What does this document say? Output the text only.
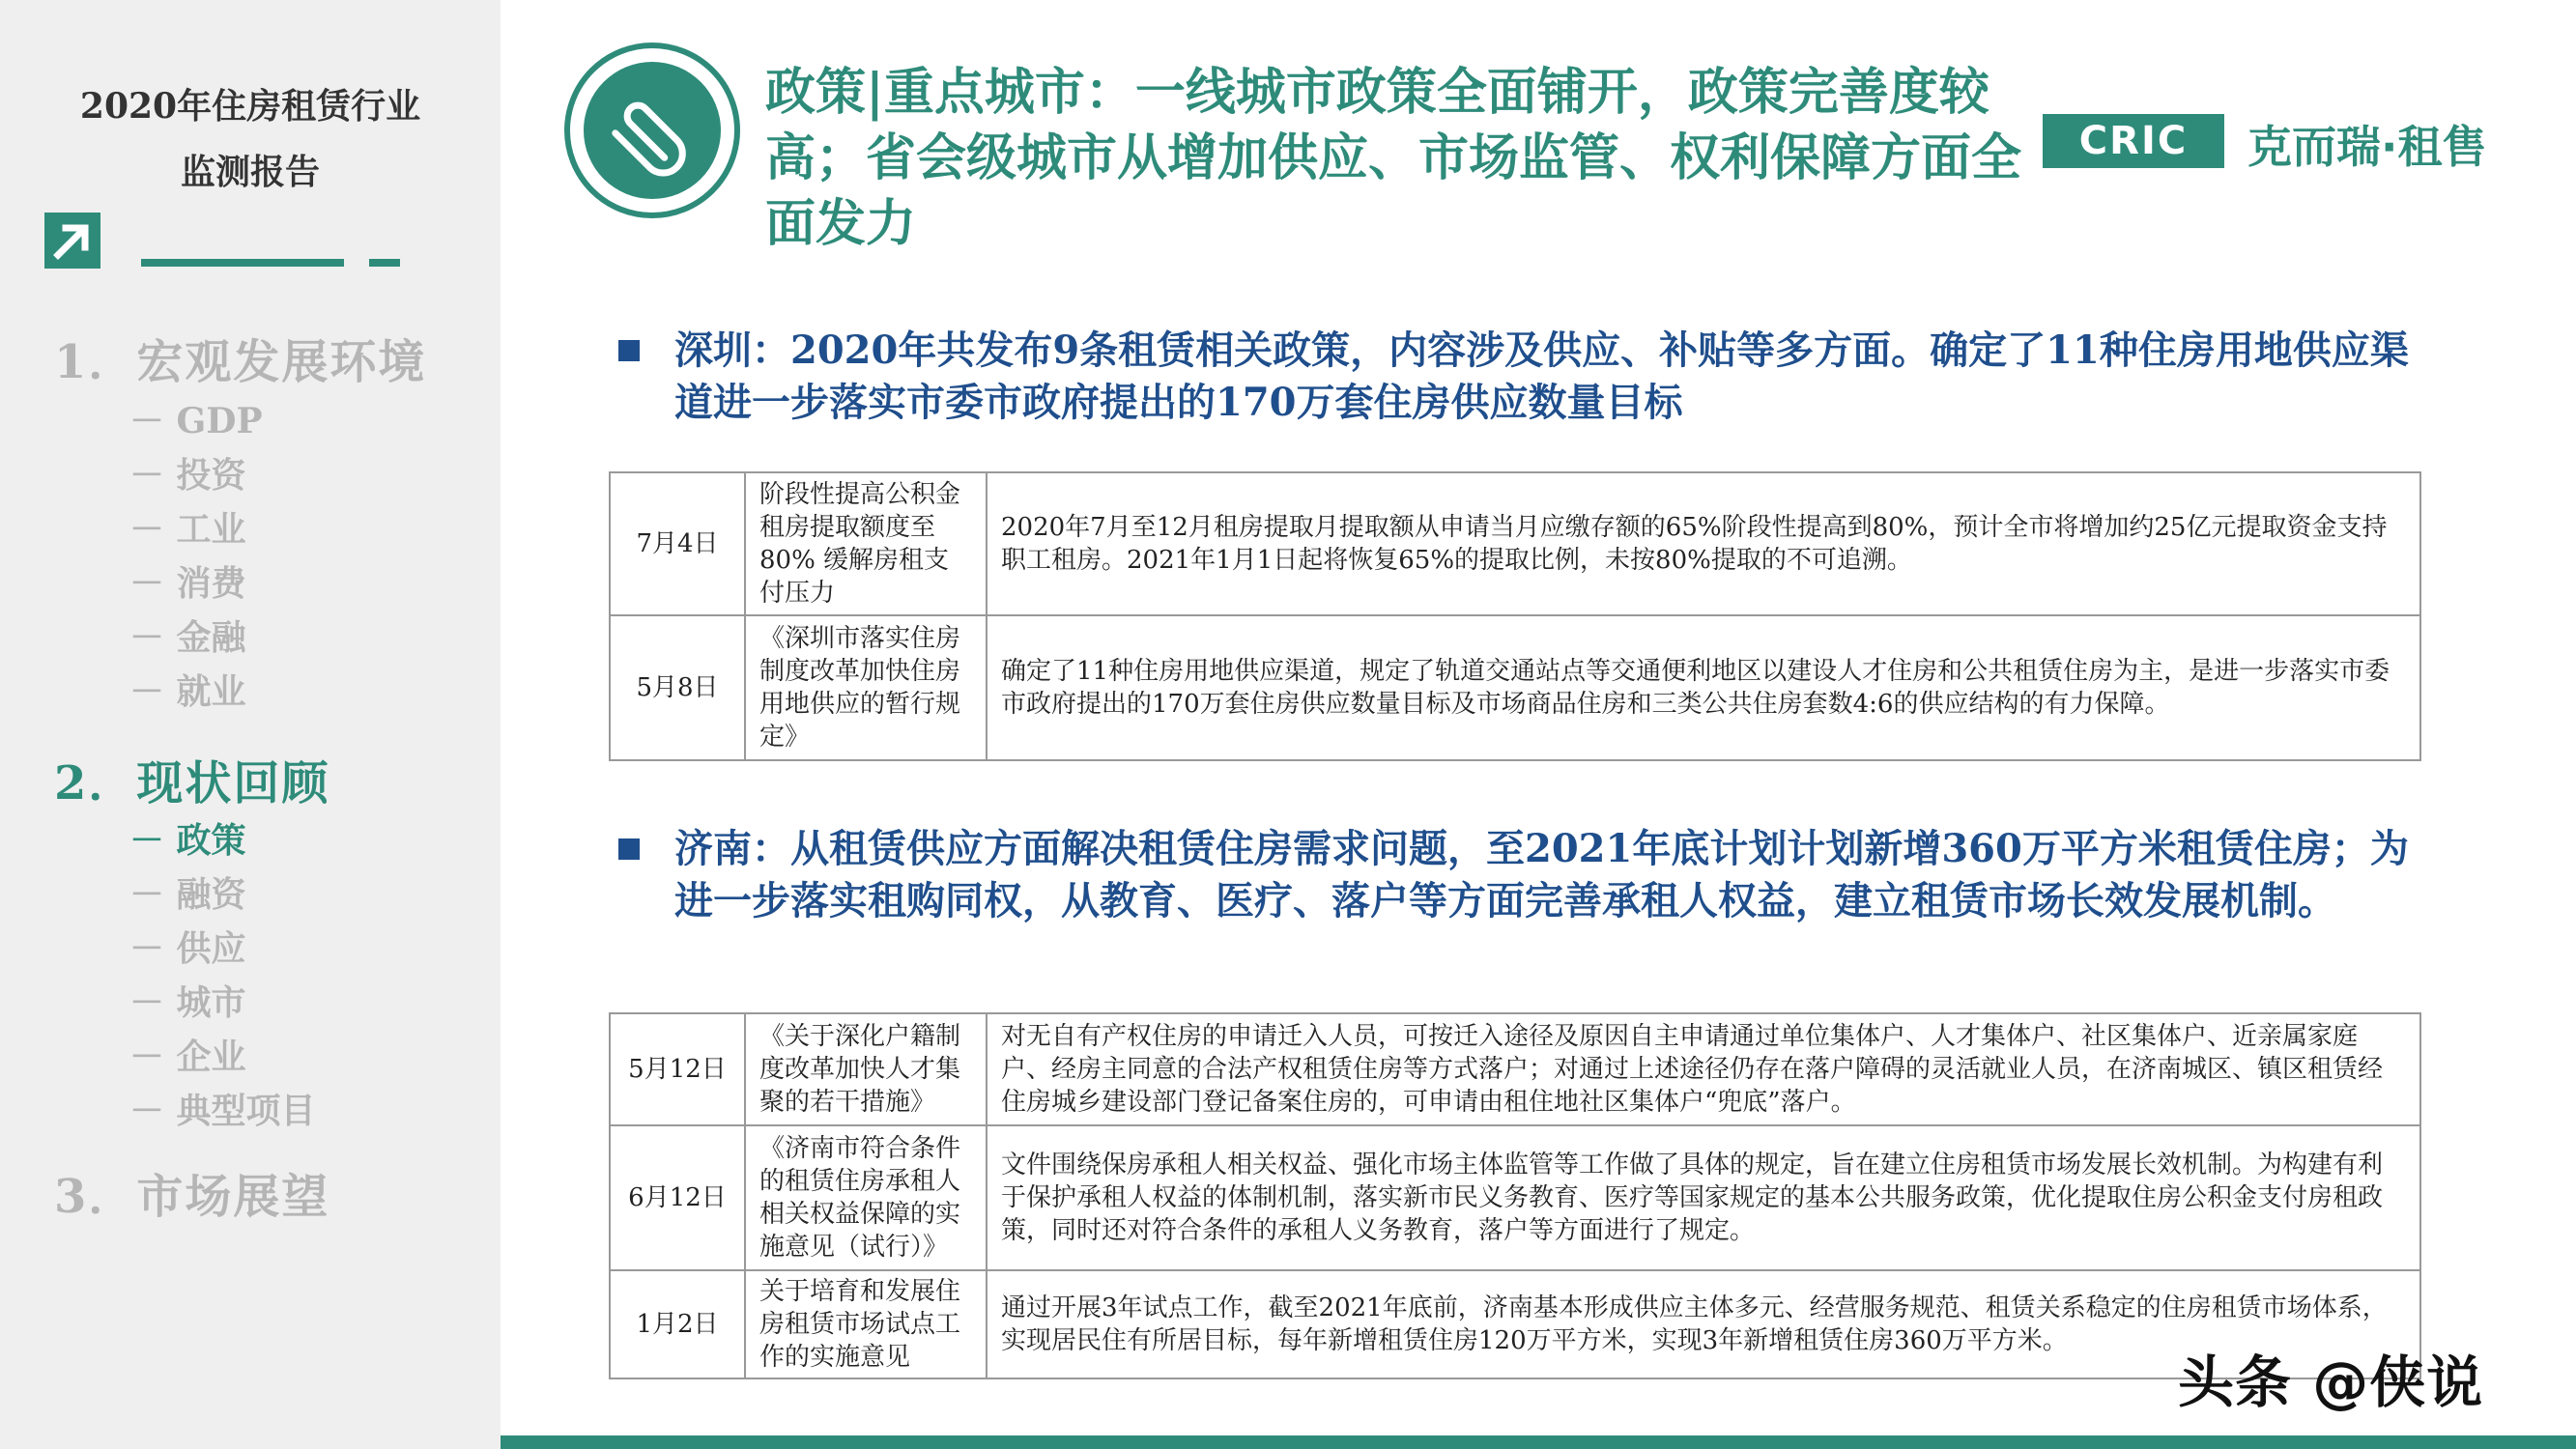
2020年住房租赁行业
监测报告
1．宏观发展环境
－ GDP
－ 投资
－ 工业
－ 消费
－ 金融
－ 就业
2．现状回顾
－ 政策
－ 融资
－ 供应
－ 城市
－ 企业
－ 典型项目
3．市场展望
政策|重点城市：一线城市政策全面铺开，政策完善度较高；省会级城市从增加供应、市场监管、权利保障方面全面发力
CRIC	克而瑞·租售
深圳：2020年共发布9条租赁相关政策，内容涉及供应、补贴等多方面。确定了11种住房用地供应渠道进一步落实市委市政府提出的170万套住房供应数量目标
7月4日	阶段性提高公积金租房提取额度至80% 缓解房租支付压力	2020年7月至12月租房提取月提取额从申请当月应缴存额的65%阶段性提高到80%，预计全市将增加约25亿元提取资金支持职工租房。2021年1月1日起将恢复65%的提取比例，未按80%提取的不可追溯。
5月8日	《深圳市落实住房制度改革加快住房用地供应的暂行规定》	确定了11种住房用地供应渠道，规定了轨道交通站点等交通便利地区以建设人才住房和公共租赁住房为主，是进一步落实市委市政府提出的170万套住房供应数量目标及市场商品住房和三类公共住房套数4:6的供应结构的有力保障。
济南：从租赁供应方面解决租赁住房需求问题，至2021年底计划计划新增360万平方米租赁住房；为进一步落实租购同权，从教育、医疗、落户等方面完善承租人权益，建立租赁市场长效发展机制。
5月12日	《关于深化户籍制度改革加快人才集聚的若干措施》	对无自有产权住房的申请迁入人员，可按迁入途径及原因自主申请通过单位集体户、人才集体户、社区集体户、近亲属家庭户、经房主同意的合法产权租赁住房等方式落户；对通过上述途径仍存在落户障碍的灵活就业人员，在济南城区、镇区租赁经住房城乡建设部门登记备案住房的，可申请由租住地社区集体户“兜底”落户。
6月12日	《济南市符合条件的租赁住房承租人相关权益保障的实施意见（试行）》	文件围绕保房承租人相关权益、强化市场主体监管等工作做了具体的规定，旨在建立住房租赁市场发展长效机制。为构建有利于保护承租人权益的体制机制，落实新市民义务教育、医疗等国家规定的基本公共服务政策，优化提取住房公积金支付房租政策，同时还对符合条件的承租人义务教育，落户等方面进行了规定。
1月2日	关于培育和发展住房租赁市场试点工作的实施意见	通过开展3年试点工作，截至2021年底前，济南基本形成供应主体多元、经营服务规范、租赁关系稳定的住房租赁市场体系，实现居民住有所居目标，每年新增租赁住房120万平方米，实现3年新增租赁住房360万平方米。
头条 @侠说
